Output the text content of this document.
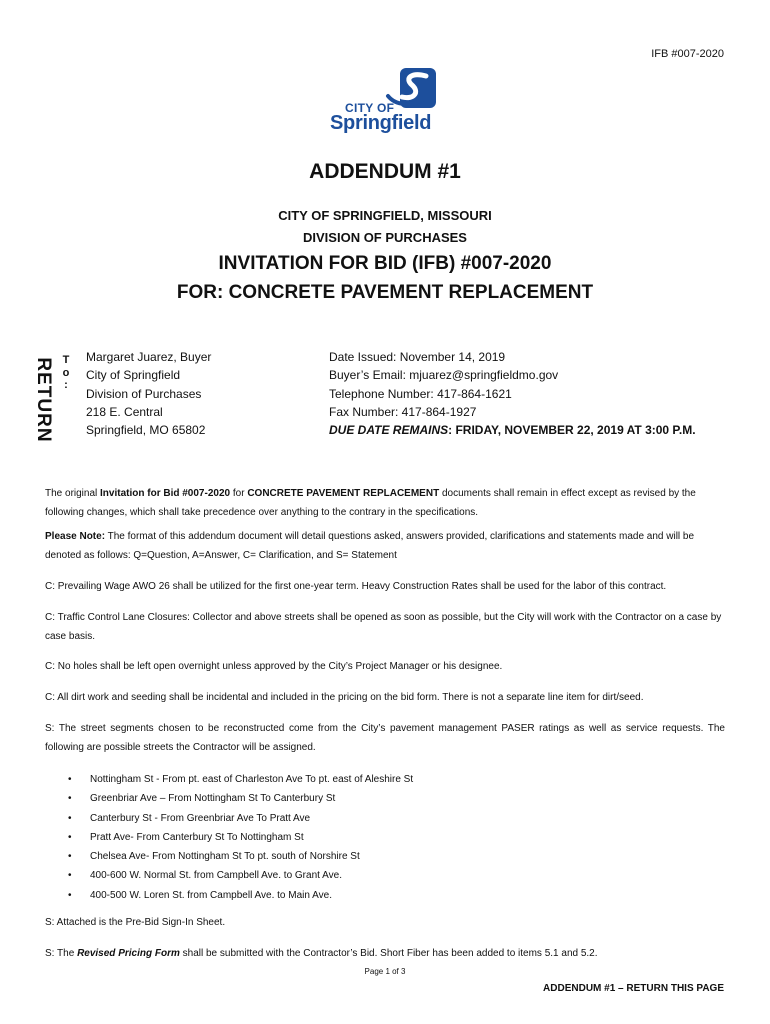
IFB #007-2020
CITY OF
Springfield
ADDENDUM #1
CITY OF SPRINGFIELD, MISSOURI
DIVISION OF PURCHASES
INVITATION FOR BID (IFB) #007-2020
FOR: CONCRETE PAVEMENT REPLACEMENT
RETURN T
o
:
Margaret Juarez, Buyer
City of Springfield
Division of Purchases
218 E. Central
Springfield, MO 65802
Date Issued: November 14, 2019
Buyer’s Email: mjuarez@springfieldmo.gov
Telephone Number: 417-864-1621
Fax Number: 417-864-1927
DUE DATE REMAINS: FRIDAY, NOVEMBER 22, 2019 AT 3:00 P.M.
The original Invitation for Bid #007-2020 for CONCRETE PAVEMENT REPLACEMENT documents shall remain in effect except as revised by the following changes, which shall take precedence over anything to the contrary in the specifications.
Please Note: The format of this addendum document will detail questions asked, answers provided, clarifications and statements made and will be denoted as follows: Q=Question, A=Answer, C= Clarification, and S= Statement
C: Prevailing Wage AWO 26 shall be utilized for the first one-year term. Heavy Construction Rates shall be used for the labor of this contract.
C: Traffic Control Lane Closures: Collector and above streets shall be opened as soon as possible, but the City will work with the Contractor on a case by case basis.
C: No holes shall be left open overnight unless approved by the City’s Project Manager or his designee.
C: All dirt work and seeding shall be incidental and included in the pricing on the bid form. There is not a separate line item for dirt/seed.
S: The street segments chosen to be reconstructed come from the City’s pavement management PASER ratings as well as service requests. The following are possible streets the Contractor will be assigned.
• Nottingham St - From pt. east of Charleston Ave To pt. east of Aleshire St
• Greenbriar Ave – From Nottingham St To Canterbury St
• Canterbury St - From Greenbriar Ave To Pratt Ave
• Pratt Ave- From Canterbury St To Nottingham St
• Chelsea Ave- From Nottingham St To pt. south of Norshire St
• 400-600 W. Normal St. from Campbell Ave. to Grant Ave.
• 400-500 W. Loren St. from Campbell Ave. to Main Ave.
S: Attached is the Pre-Bid Sign-In Sheet.
S: The Revised Pricing Form shall be submitted with the Contractor’s Bid. Short Fiber has been added to items 5.1 and 5.2.
Page 1 of 3
ADDENDUM #1 – RETURN THIS PAGE
